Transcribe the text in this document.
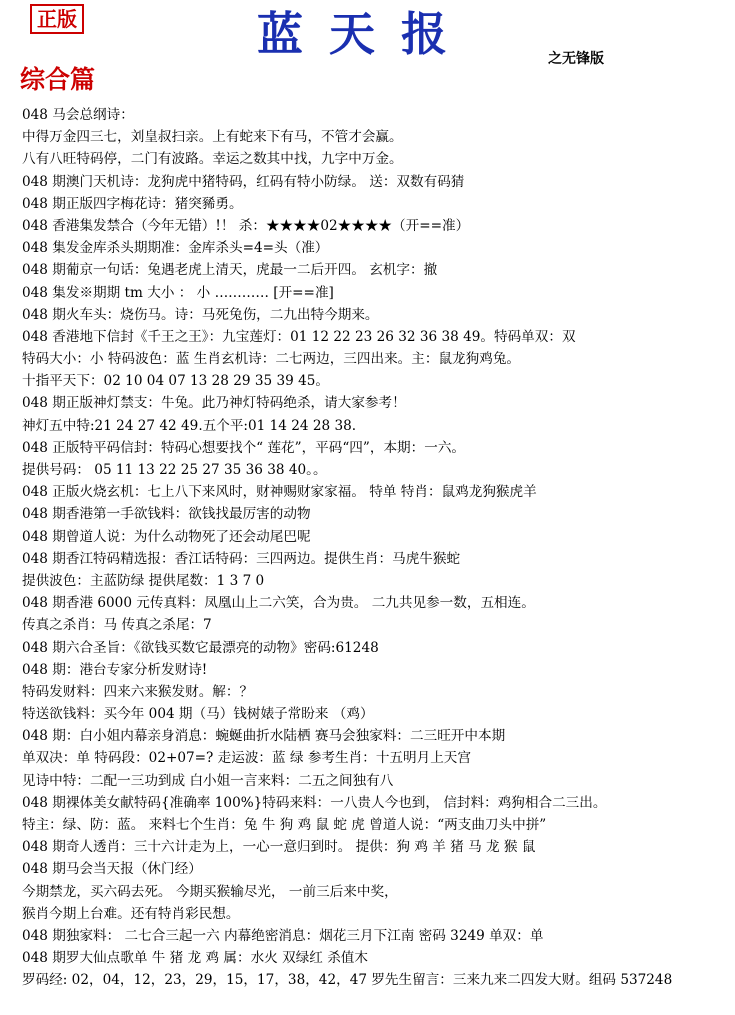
正版	蓝天报	之无锋版
综合篇
048 马会总纲诗：
中得万金四三七，刘皇叔扫亲。上有蛇来下有马，不管才会赢。
八有八旺特码停，二门有波路。幸运之数其中找，九字中万金。
048 期澳门天机诗：龙狗虎中猪特码，红码有特小防绿。 送：双数有码猜
048 期正版四字梅花诗：猪突豨勇。
048 香港集发禁合（今年无错）!！ 杀：★★★★02★★★★（开==准）
048 集发金库杀头期期准：金库杀头=4=头（准）
048 期葡京一句话：兔遇老虎上清天，虎最一二后开四。 玄机字：撤
048 集发※期期 tm 大小 ： 小 ………… [开==准]
048 期火车头：烧伤马。诗：马死兔伤，二九出特今期来。
048 香港地下信封《千王之王》：九宝莲灯：01 12 22 23 26 32 36 38 49。特码单双：双
特码大小：小 特码波色：蓝 生肖玄机诗：二七两边，三四出来。主：鼠龙狗鸡兔。
十指平天下：02 10 04 07 13 28 29 35 39 45。
048 期正版神灯禁支：牛兔。此乃神灯特码绝杀，请大家参考！
神灯五中特:21 24 27 42 49.五个平:01 14 24 28 38.
048 正版特平码信封：特码心想要找个“ 莲花”，平码“四”，本期：一六。
提供号码： 05 11 13 22 25 27 35 36 38 40。。
048 正版火烧玄机：七上八下来风时，财神赐财家家福。 特单 特肖：鼠鸡龙狗猴虎羊
048 期香港第一手欲钱料：欲钱找最厉害的动物
048 期曾道人说：为什么动物死了还会动尾巴呢
048 期香江特码精选报：香江话特码：三四两边。提供生肖：马虎牛猴蛇
提供波色：主蓝防绿 提供尾数：1 3 7 0
048 期香港 6000 元传真料：凤凰山上二六笑，合为贵。 二九共见参一数，五相连。
传真之杀肖：马 传真之杀尾：7
048 期六合圣旨：《欲钱买数它最漂亮的动物》密码:61248
048 期：港台专家分析发财诗!
特码发财料：四来六来猴发财。解：？
特送欲钱料：买今年 004 期（马）钱树婊子常盼来 （鸡）
048 期：白小姐内幕亲身消息：蜿蜒曲折水陆栖 赛马会独家料：二三旺开中本期
单双决：单 特码段：02+07=? 走运波：蓝 绿 参考生肖：十五明月上天宫
见诗中特：二配一三功到成 白小姐一言来料：二五之间独有八
048 期裸体美女献特码{准确率 100%}特码来料：一八贵人今也到， 信封料：鸡狗相合二三出。
特主：绿、防：蓝。 来料七个生肖：兔 牛 狗 鸡 鼠 蛇 虎 曾道人说：“两支曲刀头中拼”
048 期奇人透肖：三十六计走为上，一心一意归到时。 提供：狗 鸡 羊 猪 马 龙 猴 鼠
048 期马会当天报（休门经）
今期禁龙，买六码去死。 今期买猴输尽光， 一前三后来中奖，
猴肖今期上台难。还有特肖彩民想。
048 期独家料： 二七合三起一六 内幕绝密消息：烟花三月下江南 密码 3249 单双：单
048 期罗大仙点歌单 牛 猪 龙 鸡 属：水火 双绿红 杀值木
罗码经: 02，04，12，23，29，15，17，38，42，47 罗先生留言：三来九来二四发大财。组码 537248
